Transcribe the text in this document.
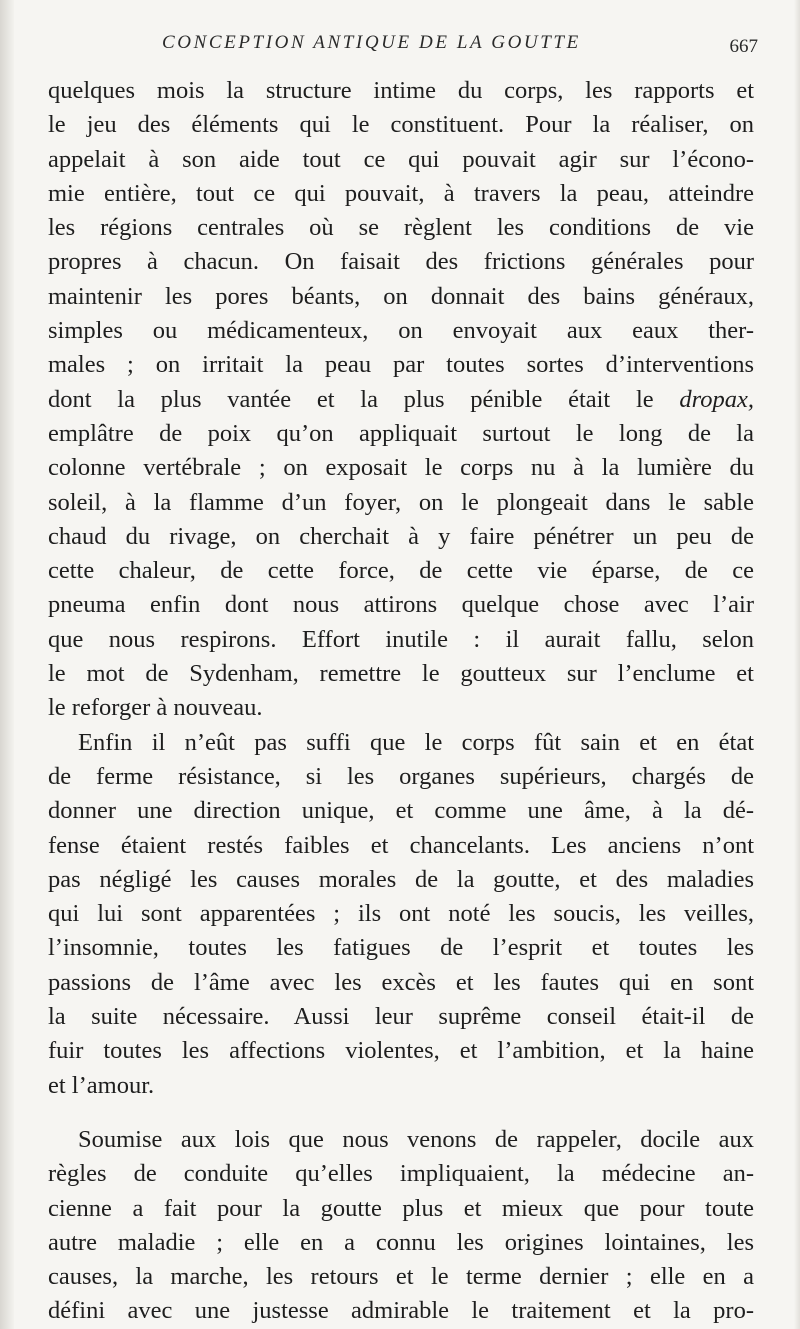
CONCEPTION ANTIQUE DE LA GOUTTE	667
quelques mois la structure intime du corps, les rapports et
le jeu des éléments qui le constituent. Pour la réaliser, on
appelait à son aide tout ce qui pouvait agir sur l’écono-
mie entière, tout ce qui pouvait, à travers la peau, atteindre
les régions centrales où se règlent les conditions de vie
propres à chacun. On faisait des frictions générales pour
maintenir les pores béants, on donnait des bains généraux,
simples ou médicamenteux, on envoyait aux eaux ther-
males ; on irritait la peau par toutes sortes d’interventions
dont la plus vantée et la plus pénible était le dropax,
emplâtre de poix qu’on appliquait surtout le long de la
colonne vertébrale ; on exposait le corps nu à la lumière du
soleil, à la flamme d’un foyer, on le plongeait dans le sable
chaud du rivage, on cherchait à y faire pénétrer un peu de
cette chaleur, de cette force, de cette vie éparse, de ce
pneuma enfin dont nous attirons quelque chose avec l’air
que nous respirons. Effort inutile : il aurait fallu, selon
le mot de Sydenham, remettre le goutteux sur l’enclume et
le reforger à nouveau.
Enfin il n’eût pas suffi que le corps fût sain et en état
de ferme résistance, si les organes supérieurs, chargés de
donner une direction unique, et comme une âme, à la dé-
fense étaient restés faibles et chancelants. Les anciens n’ont
pas négligé les causes morales de la goutte, et des maladies
qui lui sont apparentées ; ils ont noté les soucis, les veilles,
l’insomnie, toutes les fatigues de l’esprit et toutes les
passions de l’âme avec les excès et les fautes qui en sont
la suite nécessaire. Aussi leur suprême conseil était-il de
fuir toutes les affections violentes, et l’ambition, et la haine
et l’amour.
Soumise aux lois que nous venons de rappeler, docile aux
règles de conduite qu’elles impliquaient, la médecine an-
cienne a fait pour la goutte plus et mieux que pour toute
autre maladie ; elle en a connu les origines lointaines, les
causes, la marche, les retours et le terme dernier ; elle en a
défini avec une justesse admirable le traitement et la pro-
